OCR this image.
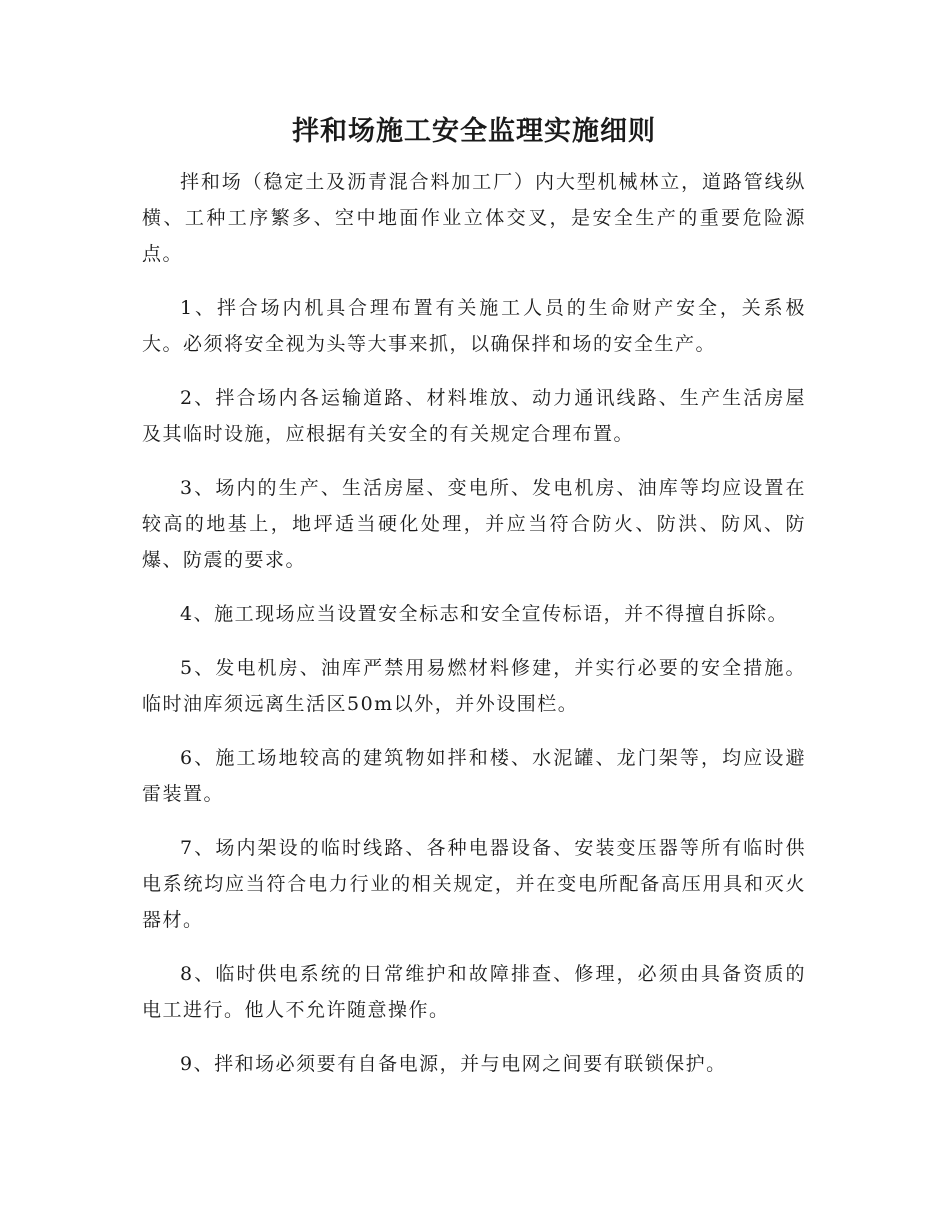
拌和场施工安全监理实施细则

拌和场（稳定土及沥青混合料加工厂）内大型机械林立，道路管线纵横、工种工序繁多、空中地面作业立体交叉，是安全生产的重要危险源点。

1、拌合场内机具合理布置有关施工人员的生命财产安全，关系极大。必须将安全视为头等大事来抓，以确保拌和场的安全生产。

2、拌合场内各运输道路、材料堆放、动力通讯线路、生产生活房屋及其临时设施，应根据有关安全的有关规定合理布置。

3、场内的生产、生活房屋、变电所、发电机房、油库等均应设置在较高的地基上，地坪适当硬化处理，并应当符合防火、防洪、防风、防爆、防震的要求。

4、施工现场应当设置安全标志和安全宣传标语，并不得擅自拆除。

5、发电机房、油库严禁用易燃材料修建，并实行必要的安全措施。临时油库须远离生活区50m以外，并外设围栏。

6、施工场地较高的建筑物如拌和楼、水泥罐、龙门架等，均应设避雷装置。

7、场内架设的临时线路、各种电器设备、安装变压器等所有临时供电系统均应当符合电力行业的相关规定，并在变电所配备高压用具和灭火器材。

8、临时供电系统的日常维护和故障排查、修理，必须由具备资质的电工进行。他人不允许随意操作。

9、拌和场必须要有自备电源，并与电网之间要有联锁保护。
